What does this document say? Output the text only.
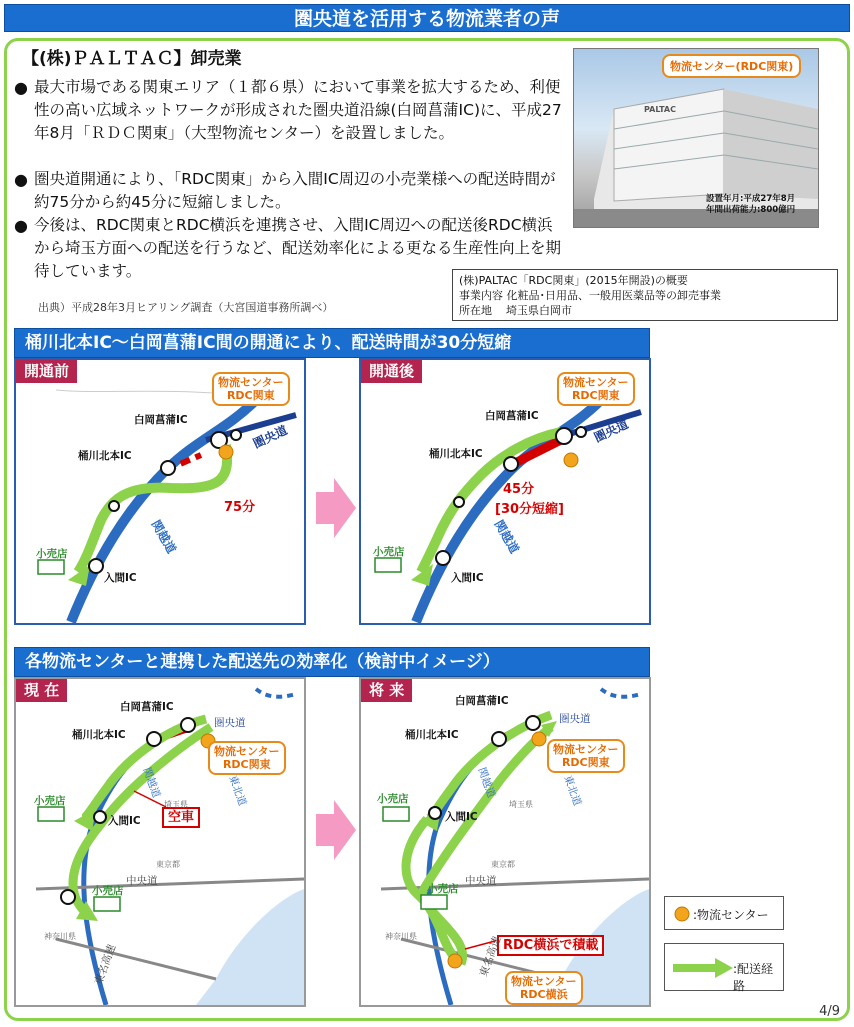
圏央道を活用する物流業者の声
【(株)ＰＡＬＴＡＣ】卸売業
● 最大市場である関東エリア（１都６県）において事業を拡大するため、利便性の高い広域ネットワークが形成された圏央道沿線(白岡菖蒲IC)に、平成27年8月「ＲＤＣ関東」（大型物流センター）を設置しました。
● 圏央道開通により、「RDC関東」から入間IC周辺の小売業様への配送時間が約75分から約45分に短縮しました。
● 今後は、RDC関東とRDC横浜を連携させ、入間IC周辺への配送後RDC横浜から埼玉方面への配送を行うなど、配送効率化による更なる生産性向上を期待しています。
出典）平成28年3月ヒアリング調査（大宮国道事務所調べ）
PALTAC
物流センター(RDC関東)
設置年月:平成27年8月
年間出荷能力:800億円
(株)PALTAC「RDC関東」(2015年開設)の概要
事業内容 化粧品･日用品、一般用医薬品等の卸売事業
所在地 埼玉県白岡市
桶川北本IC～白岡菖蒲IC間の開通により、配送時間が30分短縮
開通前
物流センター
RDC関東
白岡菖蒲IC
桶川北本IC
入間IC
圏央道
関越道
小売店
75分
開通後
物流センター
RDC関東
白岡菖蒲IC
桶川北本IC
入間IC
圏央道
関越道
小売店
45分
[30分短縮]
各物流センターと連携した配送先の効率化（検討中イメージ）
現 在
白岡菖蒲IC
桶川北本IC
入間IC
物流センター
RDC関東
小売店
小売店
空車
中央道
東名高速
圏央道
関越道	東北道
埼玉県
東京都
神奈川県
将 来
白岡菖蒲IC
桶川北本IC
入間IC
物流センター
RDC関東
物流センター
RDC横浜
小売店
小売店
RDC横浜で積載
中央道
東名高速
圏央道
関越道	東北道
埼玉県
東京都
神奈川県
:物流センター
:配送経路
4/9
